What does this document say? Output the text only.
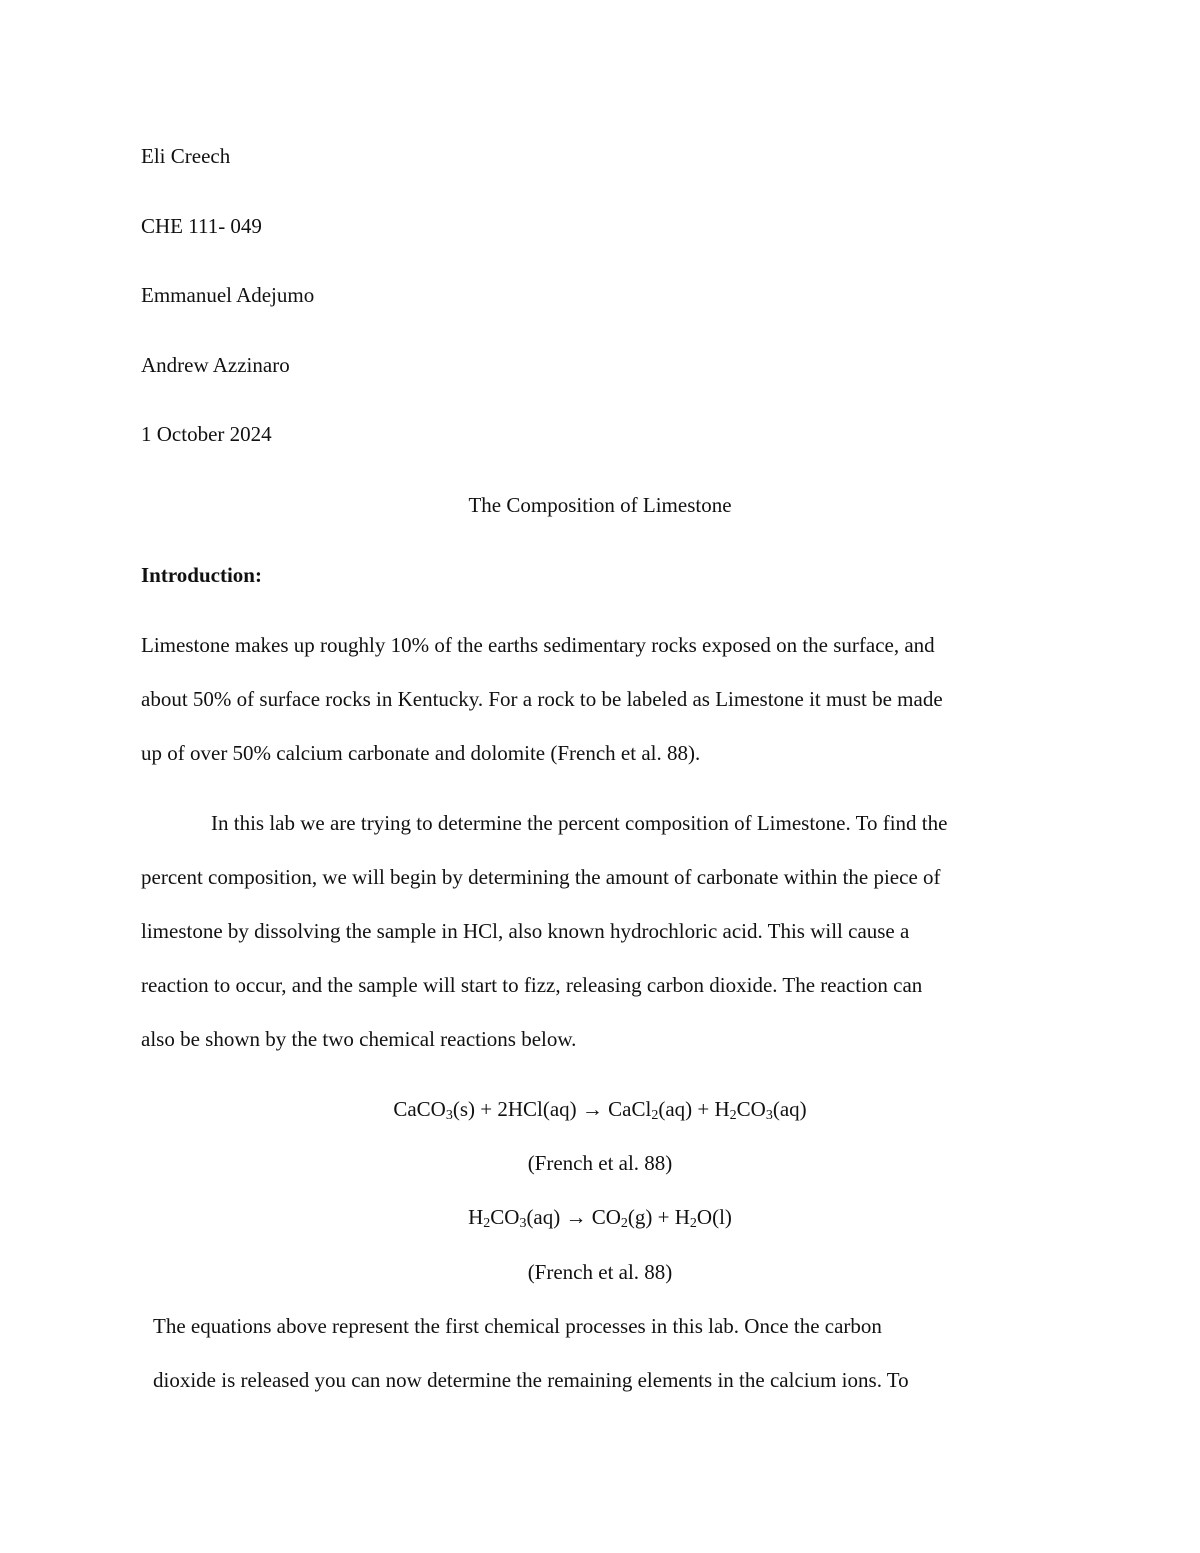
Eli Creech
CHE 111- 049
Emmanuel Adejumo
Andrew Azzinaro
1 October 2024
The Composition of Limestone
Introduction:
Limestone makes up roughly 10% of the earths sedimentary rocks exposed on the surface, and
about 50% of surface rocks in Kentucky. For a rock to be labeled as Limestone it must be made
up of over 50% calcium carbonate and dolomite (French et al. 88).
In this lab we are trying to determine the percent composition of Limestone. To find the
percent composition, we will begin by determining the amount of carbonate within the piece of
limestone by dissolving the sample in HCl, also known hydrochloric acid. This will cause a
reaction to occur, and the sample will start to fizz, releasing carbon dioxide. The reaction can
also be shown by the two chemical reactions below.
CaCO$_3$(s) + 2HCl(aq) → CaCl$_2$(aq) + $H_2CO_3(aq)$
(French et al. 88)
$H_2CO_3(aq) \to CO_2(g) + H_2O(l)$
(French et al. 88)
The equations above represent the first chemical processes in this lab. Once the carbon
dioxide is released you can now determine the remaining elements in the calcium ions. To
